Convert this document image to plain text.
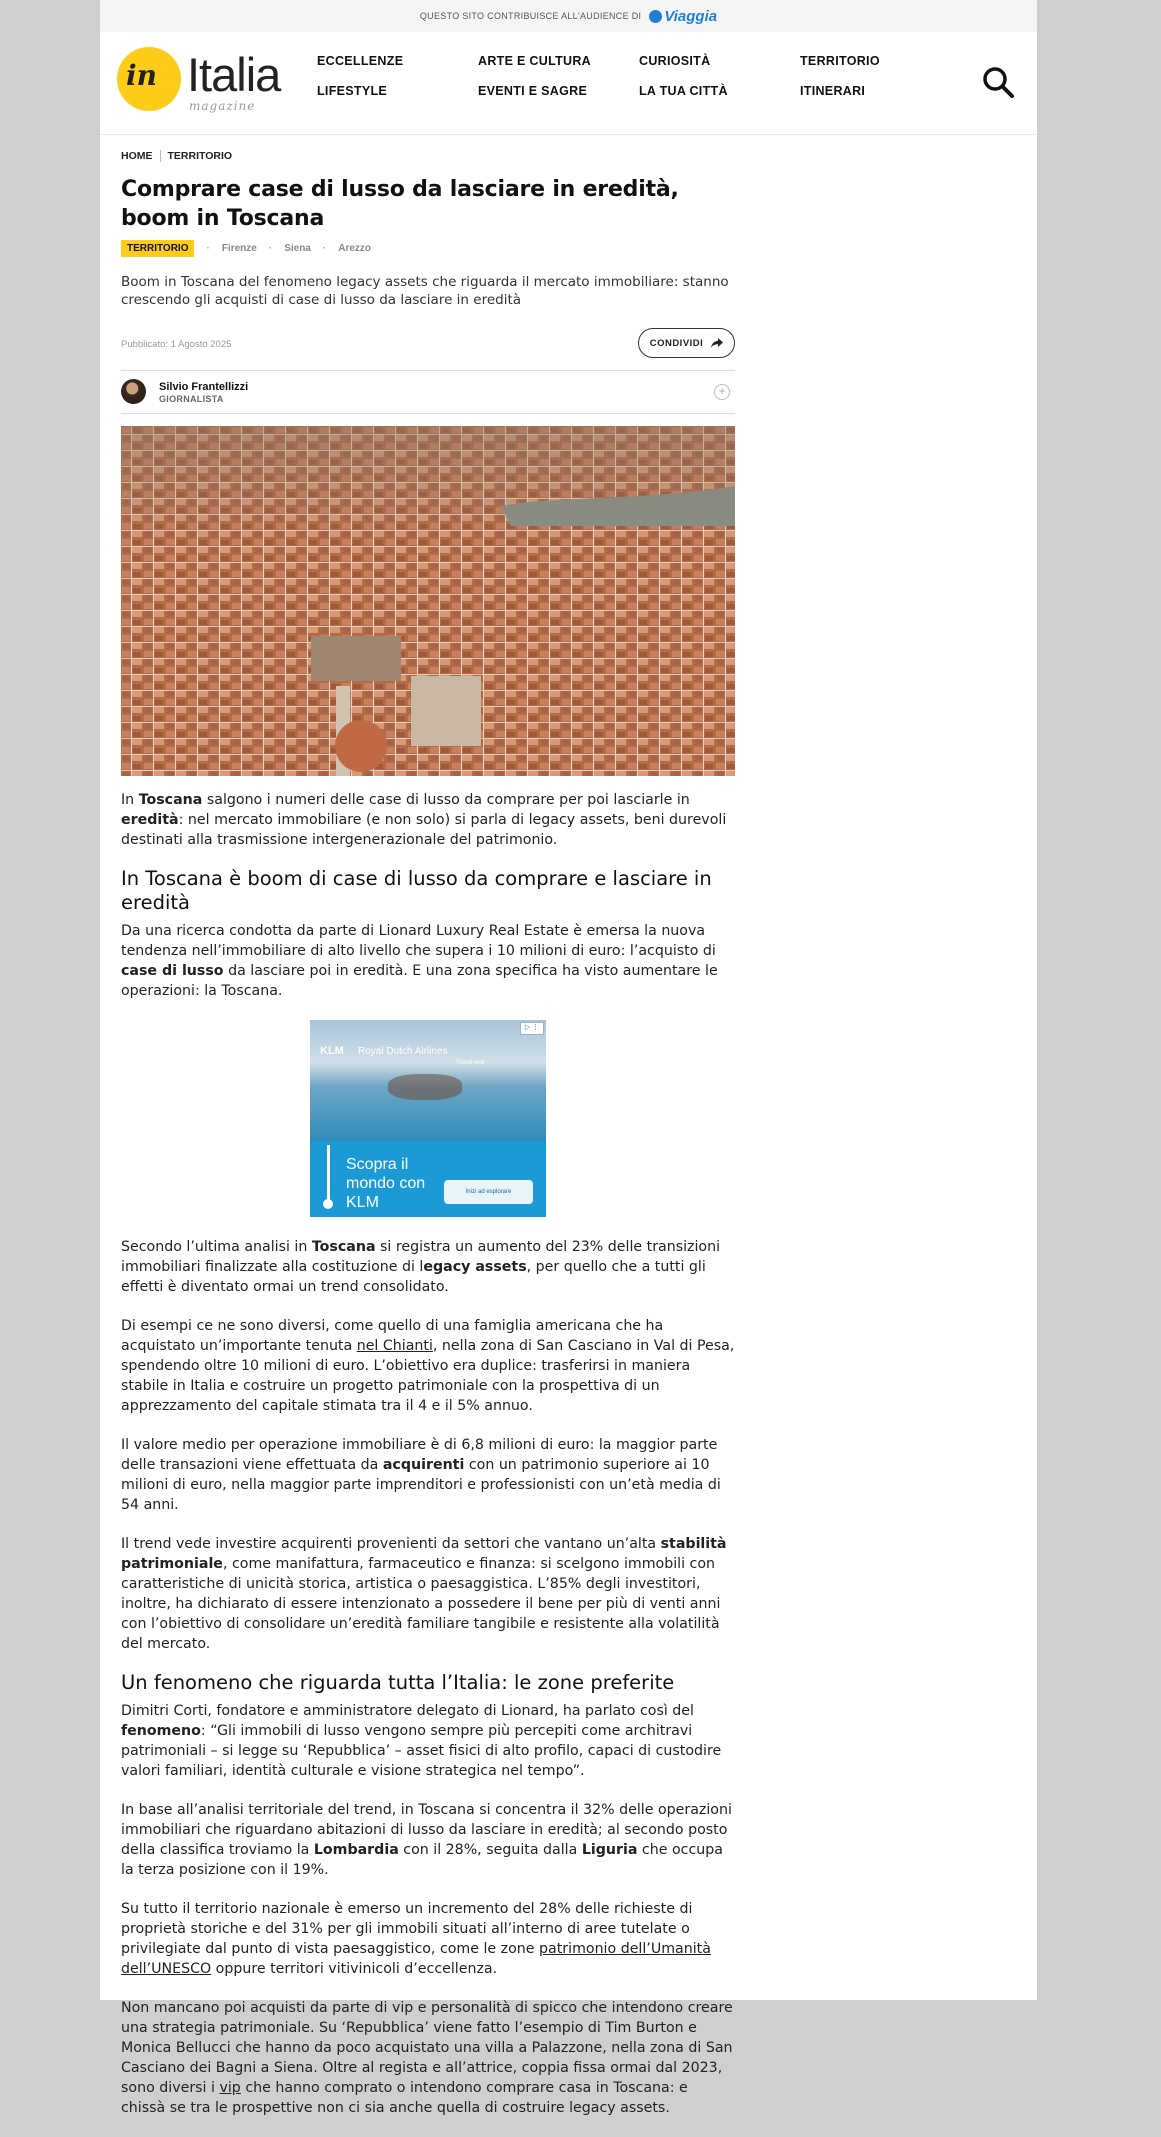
QUESTO SITO CONTRIBUISCE ALL'AUDIENCE DI	Viaggia
in Italia
magazine
ECCELLENZE	ARTE E CULTURA	CURIOSITÀ	TERRITORIO
LIFESTYLE	EVENTI E SAGRE	LA TUA CITTÀ	ITINERARI
HOME TERRITORIO
Comprare case di lusso da lasciare in eredità, boom in Toscana
TERRITORIO	· Firenze	· Siena	· Arezzo

Boom in Toscana del fenomeno legacy assets che riguarda il mercato immobiliare: stanno crescendo gli acquisti di case di lusso da lasciare in eredità

Pubblicato: 1 Agosto 2025	CONDIVIDI
Silvio Frantellizzi
GIORNALISTA
+

In Toscana salgono i numeri delle case di lusso da comprare per poi lasciarle in eredità: nel mercato immobiliare (e non solo) si parla di legacy assets, beni durevoli destinati alla trasmissione intergenerazionale del patrimonio.

In Toscana è boom di case di lusso da comprare e lasciare in eredità

Da una ricerca condotta da parte di Lionard Luxury Real Estate è emersa la nuova tendenza nell’immobiliare di alto livello che supera i 10 milioni di euro: l’acquisto di case di lusso da lasciare poi in eredità. E una zona specifica ha visto aumentare le operazioni: la Toscana.

KLM Royal Dutch Airlines
Travel well
▷ ⋮
Scopra il mondo con KLM
Inizi ad esplorare

Secondo l’ultima analisi in Toscana si registra un aumento del 23% delle transizioni immobiliari finalizzate alla costituzione di legacy assets, per quello che a tutti gli effetti è diventato ormai un trend consolidato.

Di esempi ce ne sono diversi, come quello di una famiglia americana che ha acquistato un’importante tenuta nel Chianti, nella zona di San Casciano in Val di Pesa, spendendo oltre 10 milioni di euro. L’obiettivo era duplice: trasferirsi in maniera stabile in Italia e costruire un progetto patrimoniale con la prospettiva di un apprezzamento del capitale stimata tra il 4 e il 5% annuo.

Il valore medio per operazione immobiliare è di 6,8 milioni di euro: la maggior parte delle transazioni viene effettuata da acquirenti con un patrimonio superiore ai 10 milioni di euro, nella maggior parte imprenditori e professionisti con un’età media di 54 anni.

Il trend vede investire acquirenti provenienti da settori che vantano un’alta stabilità patrimoniale, come manifattura, farmaceutico e finanza: si scelgono immobili con caratteristiche di unicità storica, artistica o paesaggistica. L’85% degli investitori, inoltre, ha dichiarato di essere intenzionato a possedere il bene per più di venti anni con l’obiettivo di consolidare un’eredità familiare tangibile e resistente alla volatilità del mercato.

Un fenomeno che riguarda tutta l’Italia: le zone preferite

Dimitri Corti, fondatore e amministratore delegato di Lionard, ha parlato così del fenomeno: “Gli immobili di lusso vengono sempre più percepiti come architravi patrimoniali – si legge su ‘Repubblica’ – asset fisici di alto profilo, capaci di custodire valori familiari, identità culturale e visione strategica nel tempo”.

In base all’analisi territoriale del trend, in Toscana si concentra il 32% delle operazioni immobiliari che riguardano abitazioni di lusso da lasciare in eredità; al secondo posto della classifica troviamo la Lombardia con il 28%, seguita dalla Liguria che occupa la terza posizione con il 19%.

Su tutto il territorio nazionale è emerso un incremento del 28% delle richieste di proprietà storiche e del 31% per gli immobili situati all’interno di aree tutelate o privilegiate dal punto di vista paesaggistico, come le zone patrimonio dell’Umanità dell’UNESCO oppure territori vitivinicoli d’eccellenza.

Non mancano poi acquisti da parte di vip e personalità di spicco che intendono creare una strategia patrimoniale. Su ‘Repubblica’ viene fatto l’esempio di Tim Burton e Monica Bellucci che hanno da poco acquistato una villa a Palazzone, nella zona di San Casciano dei Bagni a Siena. Oltre al regista e all’attrice, coppia fissa ormai dal 2023, sono diversi i vip che hanno comprato o intendono comprare casa in Toscana: e chissà se tra le prospettive non ci sia anche quella di costruire legacy assets.
